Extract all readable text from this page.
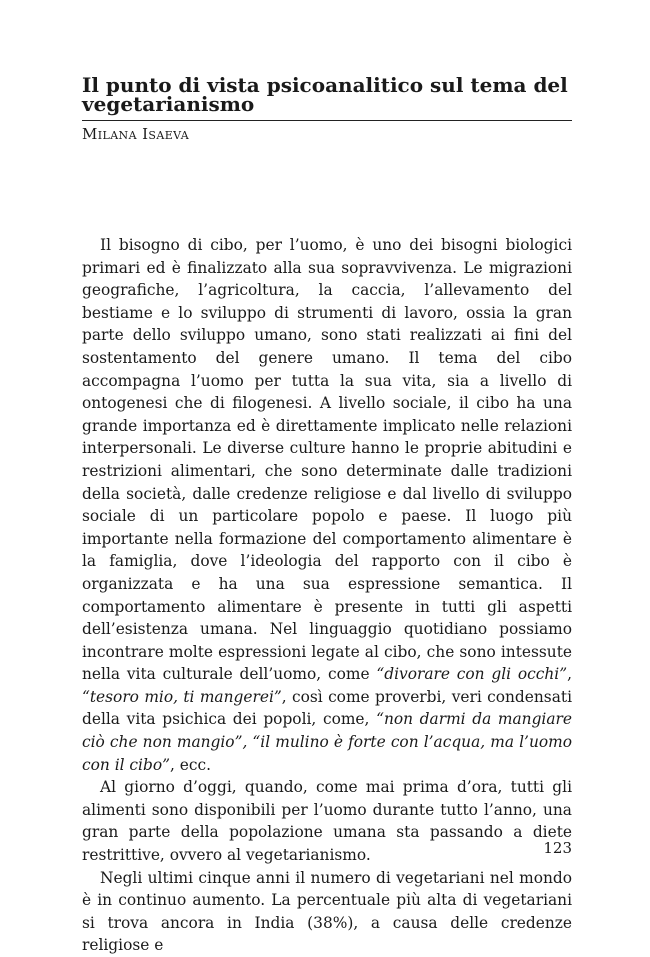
Il punto di vista psicoanalitico sul tema del vegetarianismo
Milana Isaeva

Il bisogno di cibo, per l’uomo, è uno dei bisogni biologici primari ed è finalizzato alla sua sopravvivenza. Le migrazioni geografiche, l’agricoltura, la caccia, l’allevamento del bestiame e lo sviluppo di strumenti di lavoro, ossia la gran parte dello sviluppo umano, sono stati realizzati ai fini del sostentamento del genere umano. Il tema del cibo accompagna l’uomo per tutta la sua vita, sia a livello di ontogenesi che di filogenesi. A livello sociale, il cibo ha una grande importanza ed è direttamente implicato nelle relazioni interpersonali. Le diverse culture hanno le proprie abitudini e restrizioni alimentari, che sono determinate dalle tradizioni della società, dalle credenze religiose e dal livello di sviluppo sociale di un particolare popolo e paese. Il luogo più importante nella formazione del comportamento alimentare è la famiglia, dove l’ideologia del rapporto con il cibo è organizzata e ha una sua espressione semantica. Il comportamento alimentare è presente in tutti gli aspetti dell’esistenza umana. Nel linguaggio quotidiano possiamo incontrare molte espressioni legate al cibo, che sono intessute nella vita culturale dell’uomo, come “divorare con gli occhi”, “tesoro mio, ti mangerei”, così come proverbi, veri condensati della vita psichica dei popoli, come, “non darmi da mangiare ciò che non mangio”, “il mulino è forte con l’acqua, ma l’uomo con il cibo”, ecc.

Al giorno d’oggi, quando, come mai prima d’ora, tutti gli alimenti sono disponibili per l’uomo durante tutto l’anno, una gran parte della popolazione umana sta passando a diete restrittive, ovvero al vegetarianismo.

Negli ultimi cinque anni il numero di vegetariani nel mondo è in continuo aumento. La percentuale più alta di vegetariani si trova ancora in India (38%), a causa delle credenze religiose e

123
